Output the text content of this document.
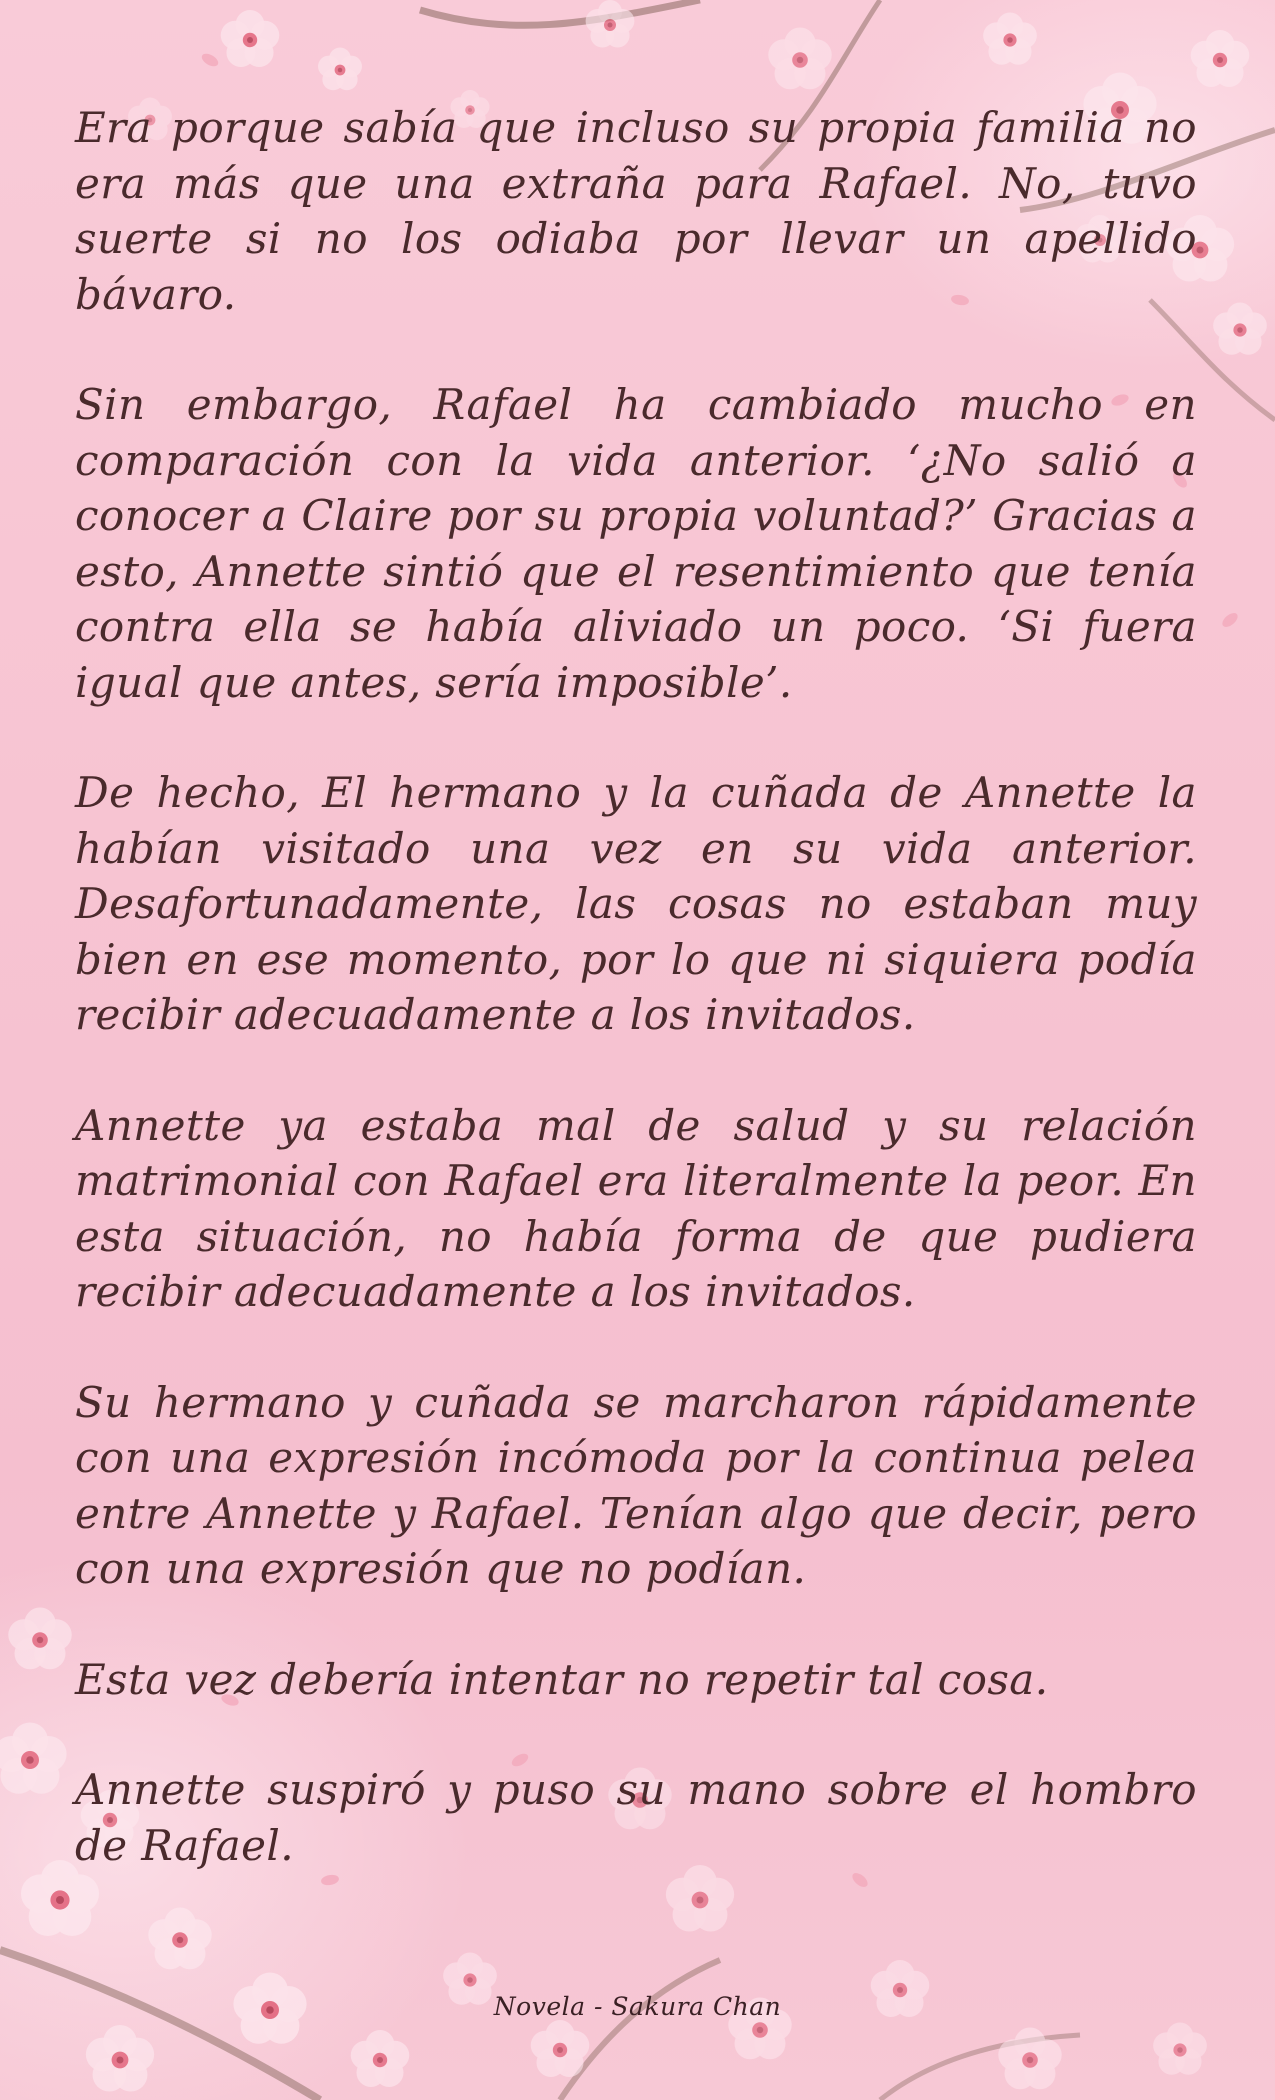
Era porque sabía que incluso su propia familia no era más que una extraña para Rafael. No, tuvo suerte si no los odiaba por llevar un apellido bávaro.

Sin embargo, Rafael ha cambiado mucho en comparación con la vida anterior. ‘¿No salió a conocer a Claire por su propia voluntad?’ Gracias a esto, Annette sintió que el resentimiento que tenía contra ella se había aliviado un poco. ‘Si fuera igual que antes, sería imposible’.

De hecho, El hermano y la cuñada de Annette la habían visitado una vez en su vida anterior. Desafortunadamente, las cosas no estaban muy bien en ese momento, por lo que ni siquiera podía recibir adecuadamente a los invitados.

Annette ya estaba mal de salud y su relación matrimonial con Rafael era literalmente la peor. En esta situación, no había forma de que pudiera recibir adecuadamente a los invitados.

Su hermano y cuñada se marcharon rápidamente con una expresión incómoda por la continua pelea entre Annette y Rafael. Tenían algo que decir, pero con una expresión que no podían.

Esta vez debería intentar no repetir tal cosa.

Annette suspiró y puso su mano sobre el hombro de Rafael.

Novela - Sakura Chan
